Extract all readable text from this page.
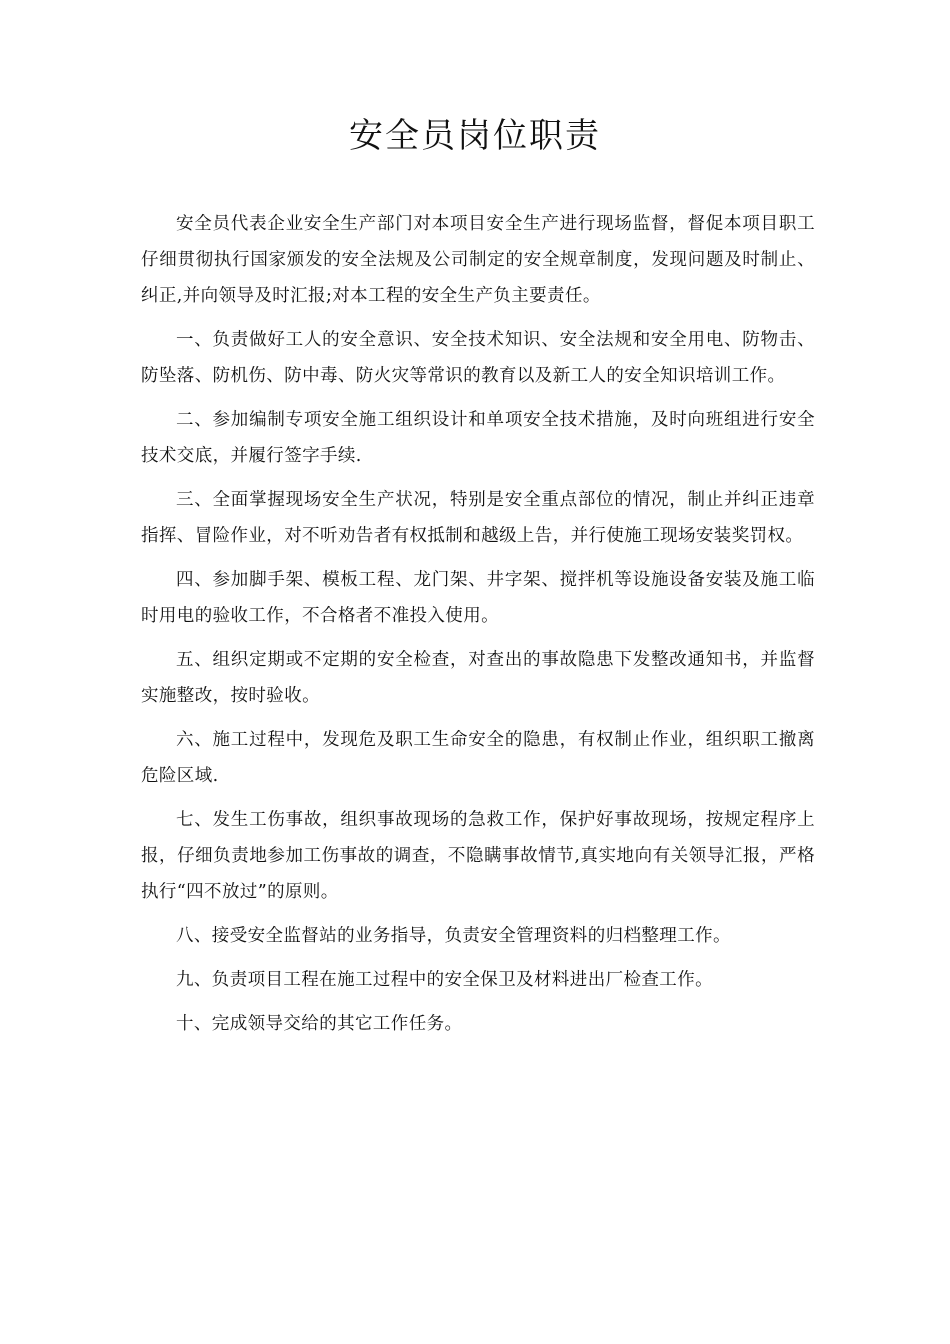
安全员岗位职责

安全员代表企业安全生产部门对本项目安全生产进行现场监督，督促本项目职工仔细贯彻执行国家颁发的安全法规及公司制定的安全规章制度，发现问题及时制止、纠正,并向领导及时汇报;对本工程的安全生产负主要责任。

一、负责做好工人的安全意识、安全技术知识、安全法规和安全用电、防物击、防坠落、防机伤、防中毒、防火灾等常识的教育以及新工人的安全知识培训工作。

二、参加编制专项安全施工组织设计和单项安全技术措施，及时向班组进行安全技术交底，并履行签字手续.

三、全面掌握现场安全生产状况，特别是安全重点部位的情况，制止并纠正违章指挥、冒险作业，对不听劝告者有权抵制和越级上告，并行使施工现场安装奖罚权。

四、参加脚手架、模板工程、龙门架、井字架、搅拌机等设施设备安装及施工临时用电的验收工作，不合格者不准投入使用。

五、组织定期或不定期的安全检查，对查出的事故隐患下发整改通知书，并监督实施整改，按时验收。

六、施工过程中，发现危及职工生命安全的隐患，有权制止作业，组织职工撤离危险区域.

七、发生工伤事故，组织事故现场的急救工作，保护好事故现场，按规定程序上报，仔细负责地参加工伤事故的调查，不隐瞒事故情节,真实地向有关领导汇报，严格执行“四不放过”的原则。

八、接受安全监督站的业务指导，负责安全管理资料的归档整理工作。

九、负责项目工程在施工过程中的安全保卫及材料进出厂检查工作。

十、完成领导交给的其它工作任务。
